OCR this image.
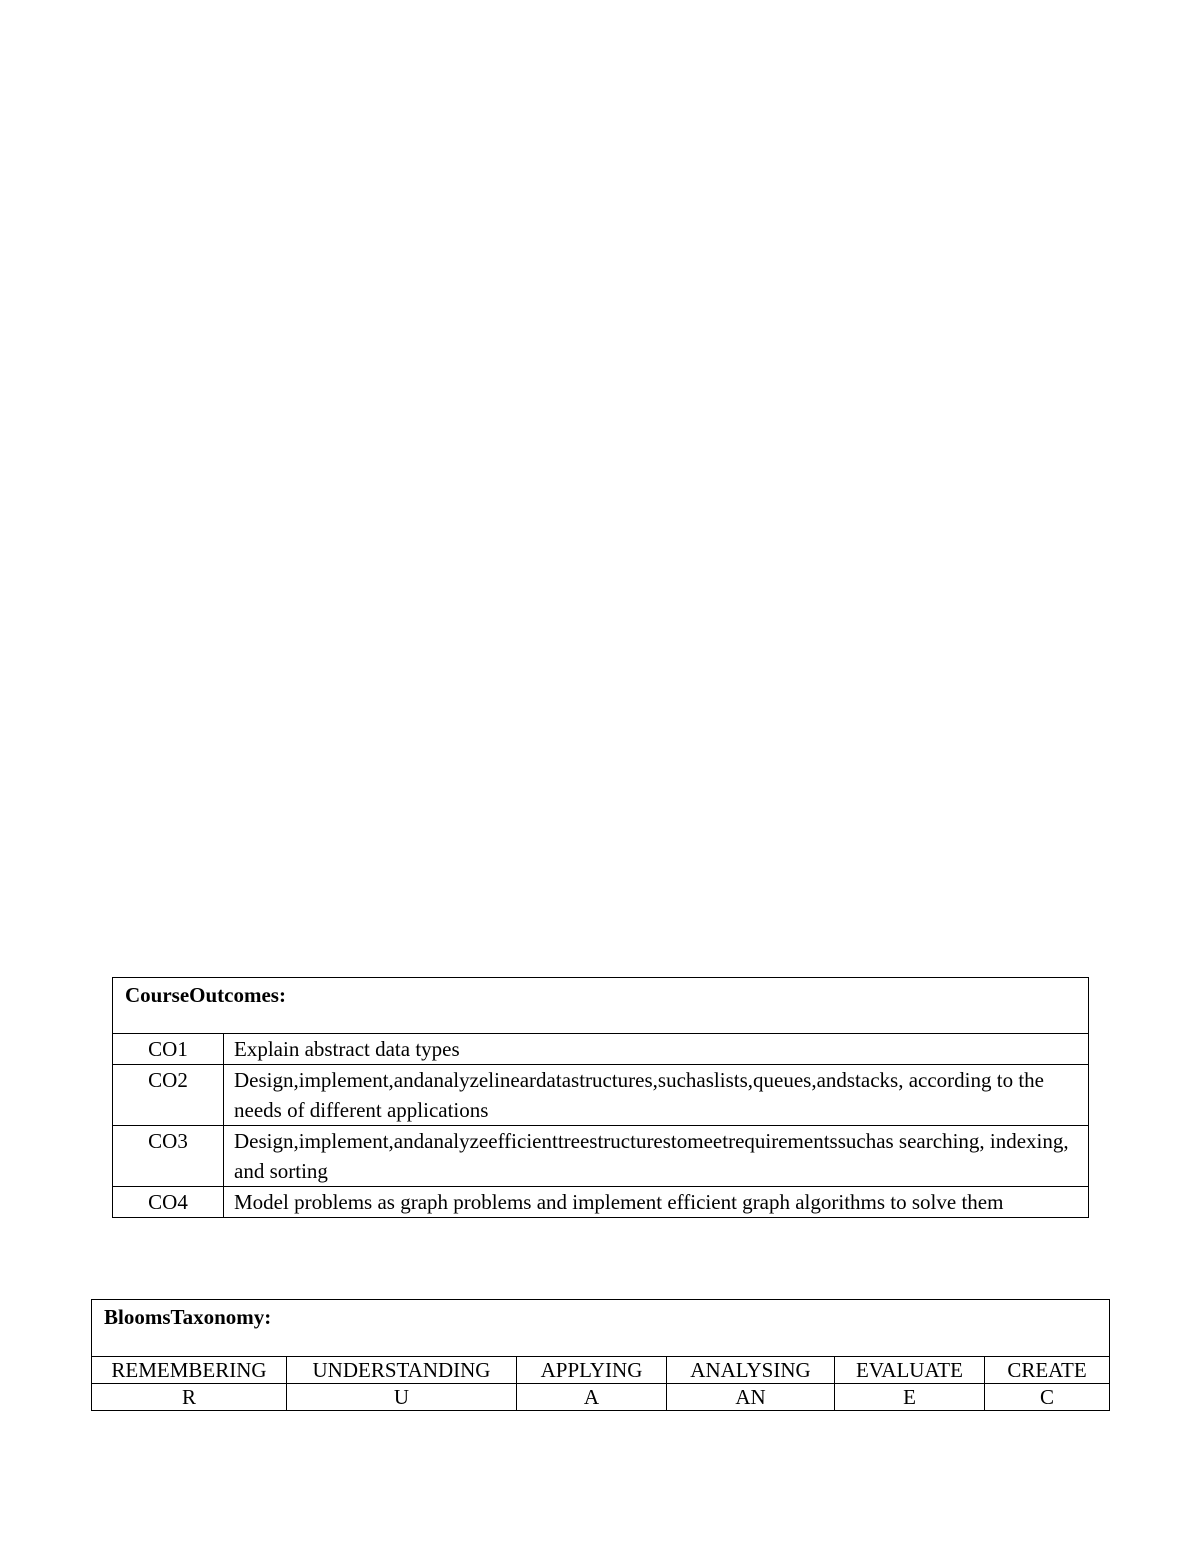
CourseOutcomes:	
CO1	Explain abstract data types
CO2	Design,implement,andanalyzelineardatastructures,suchaslists,queues,andstacks, according to the needs of different applications
CO3	Design,implement,andanalyzeefficienttreestructurestomeetrequirementssuchas searching, indexing, and sorting
CO4	Model problems as graph problems and implement efficient graph algorithms to solve them
BloomsTaxonomy:					
REMEMBERING	UNDERSTANDING	APPLYING	ANALYSING	EVALUATE	CREATE
R	U	A	AN	E	C
